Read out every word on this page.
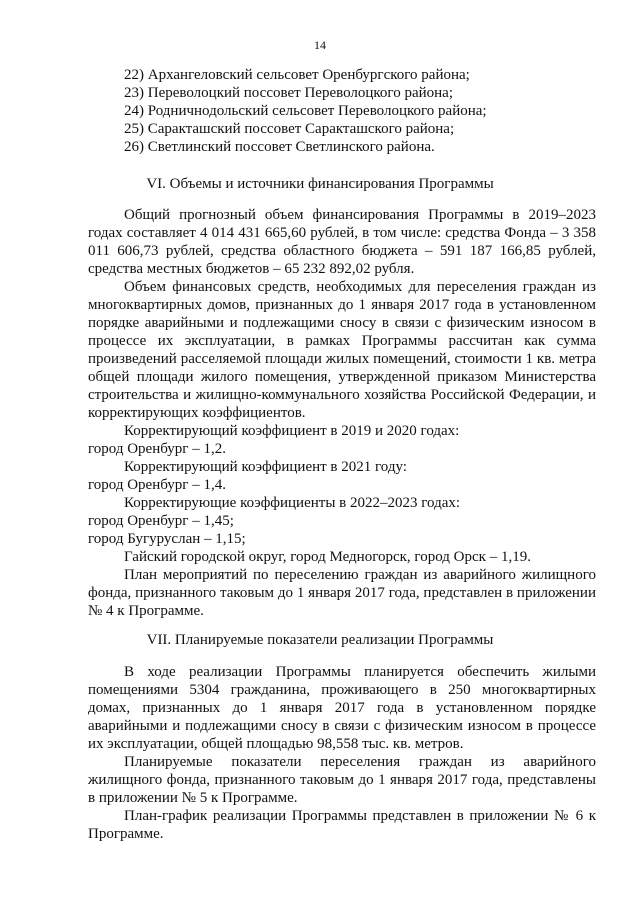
14
22) Архангеловский сельсовет Оренбургского района;
23) Переволоцкий поссовет Переволоцкого района;
24) Родничнодольский сельсовет Переволоцкого района;
25) Саракташский поссовет Саракташского района;
26) Светлинский поссовет Светлинского района.
VI. Объемы и источники финансирования Программы

Общий прогнозный объем финансирования Программы в 2019–2023 годах составляет 4 014 431 665,60 рублей, в том числе: средства Фонда – 3 358 011 606,73 рублей, средства областного бюджета – 591 187 166,85 рублей, средства местных бюджетов – 65 232 892,02 рубля.

Объем финансовых средств, необходимых для переселения граждан из многоквартирных домов, признанных до 1 января 2017 года в установленном порядке аварийными и подлежащими сносу в связи с физическим износом в процессе их эксплуатации, в рамках Программы рассчитан как сумма произведений расселяемой площади жилых помещений, стоимости 1 кв. метра общей площади жилого помещения, утвержденной приказом Министерства строительства и жилищно-коммунального хозяйства Российской Федерации, и корректирующих коэффициентов.

Корректирующий коэффициент в 2019 и 2020 годах:
город Оренбург – 1,2.
Корректирующий коэффициент в 2021 году:
город Оренбург – 1,4.
Корректирующие коэффициенты в 2022–2023 годах:
город Оренбург – 1,45;
город Бугуруслан – 1,15;
Гайский городской округ, город Медногорск, город Орск – 1,19.

План мероприятий по переселению граждан из аварийного жилищного фонда, признанного таковым до 1 января 2017 года, представлен в приложении № 4 к Программе.

VII. Планируемые показатели реализации Программы

В ходе реализации Программы планируется обеспечить жилыми помещениями 5304 гражданина, проживающего в 250 многоквартирных домах, признанных до 1 января 2017 года в установленном порядке аварийными и подлежащими сносу в связи с физическим износом в процессе их эксплуатации, общей площадью 98,558 тыс. кв. метров.

Планируемые показатели переселения граждан из аварийного жилищного фонда, признанного таковым до 1 января 2017 года, представлены в приложении № 5 к Программе.

План-график реализации Программы представлен в приложении № 6 к Программе.
